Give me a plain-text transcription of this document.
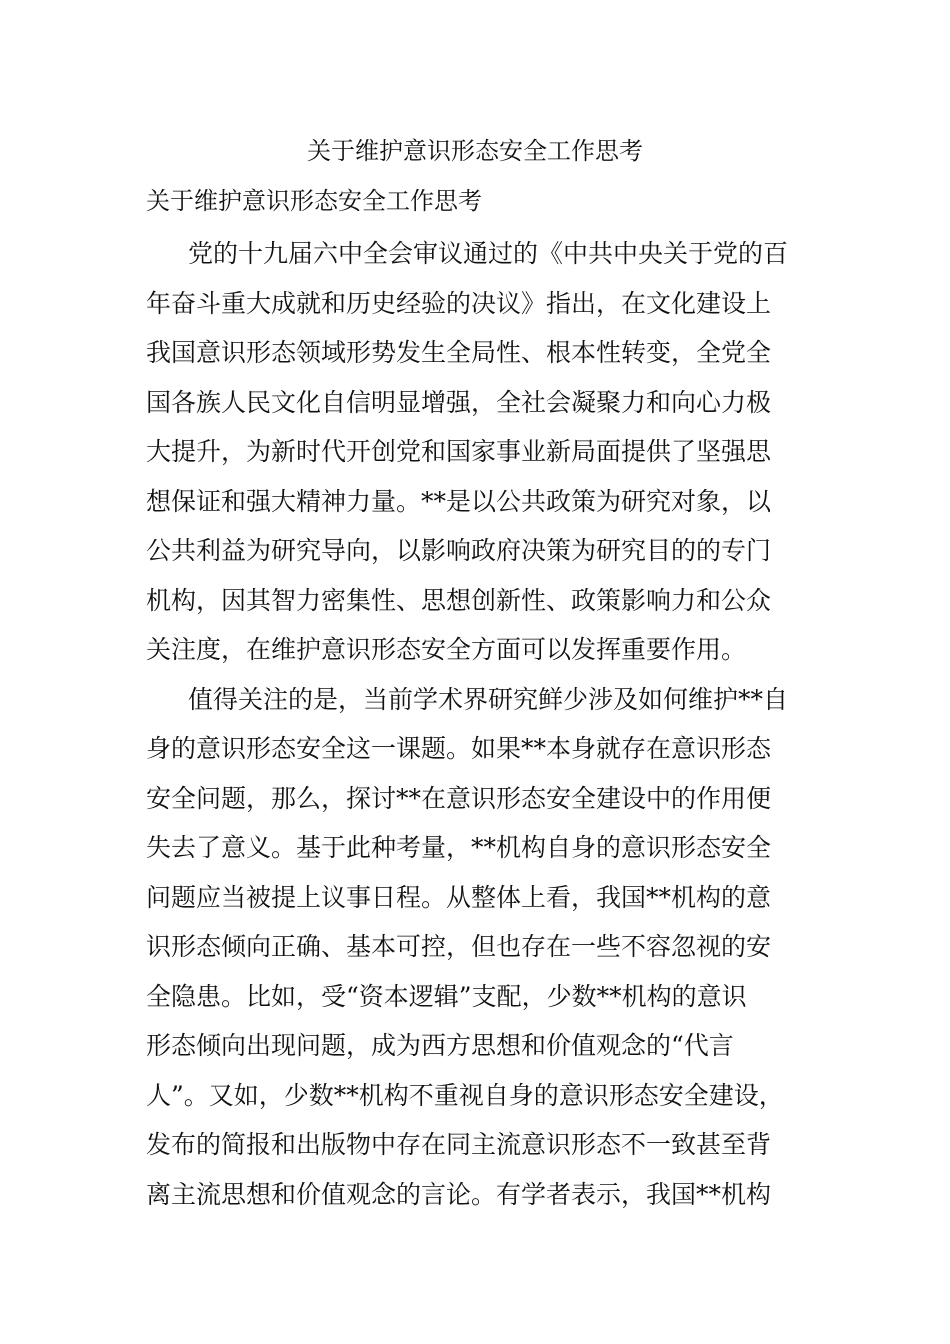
关于维护意识形态安全工作思考
关于维护意识形态安全工作思考
党的十九届六中全会审议通过的《中共中央关于党的百
年奋斗重大成就和历史经验的决议》指出，在文化建设上
我国意识形态领域形势发生全局性、根本性转变，全党全
国各族人民文化自信明显增强，全社会凝聚力和向心力极
大提升，为新时代开创党和国家事业新局面提供了坚强思
想保证和强大精神力量。**是以公共政策为研究对象，以
公共利益为研究导向，以影响政府决策为研究目的的专门
机构，因其智力密集性、思想创新性、政策影响力和公众
关注度，在维护意识形态安全方面可以发挥重要作用。
值得关注的是，当前学术界研究鲜少涉及如何维护**自
身的意识形态安全这一课题。如果**本身就存在意识形态
安全问题，那么，探讨**在意识形态安全建设中的作用便
失去了意义。基于此种考量，**机构自身的意识形态安全
问题应当被提上议事日程。从整体上看，我国**机构的意
识形态倾向正确、基本可控，但也存在一些不容忽视的安
全隐患。比如，受“资本逻辑”支配，少数**机构的意识
形态倾向出现问题，成为西方思想和价值观念的“代言
人”。又如，少数**机构不重视自身的意识形态安全建设，
发布的简报和出版物中存在同主流意识形态不一致甚至背
离主流思想和价值观念的言论。有学者表示，我国**机构
